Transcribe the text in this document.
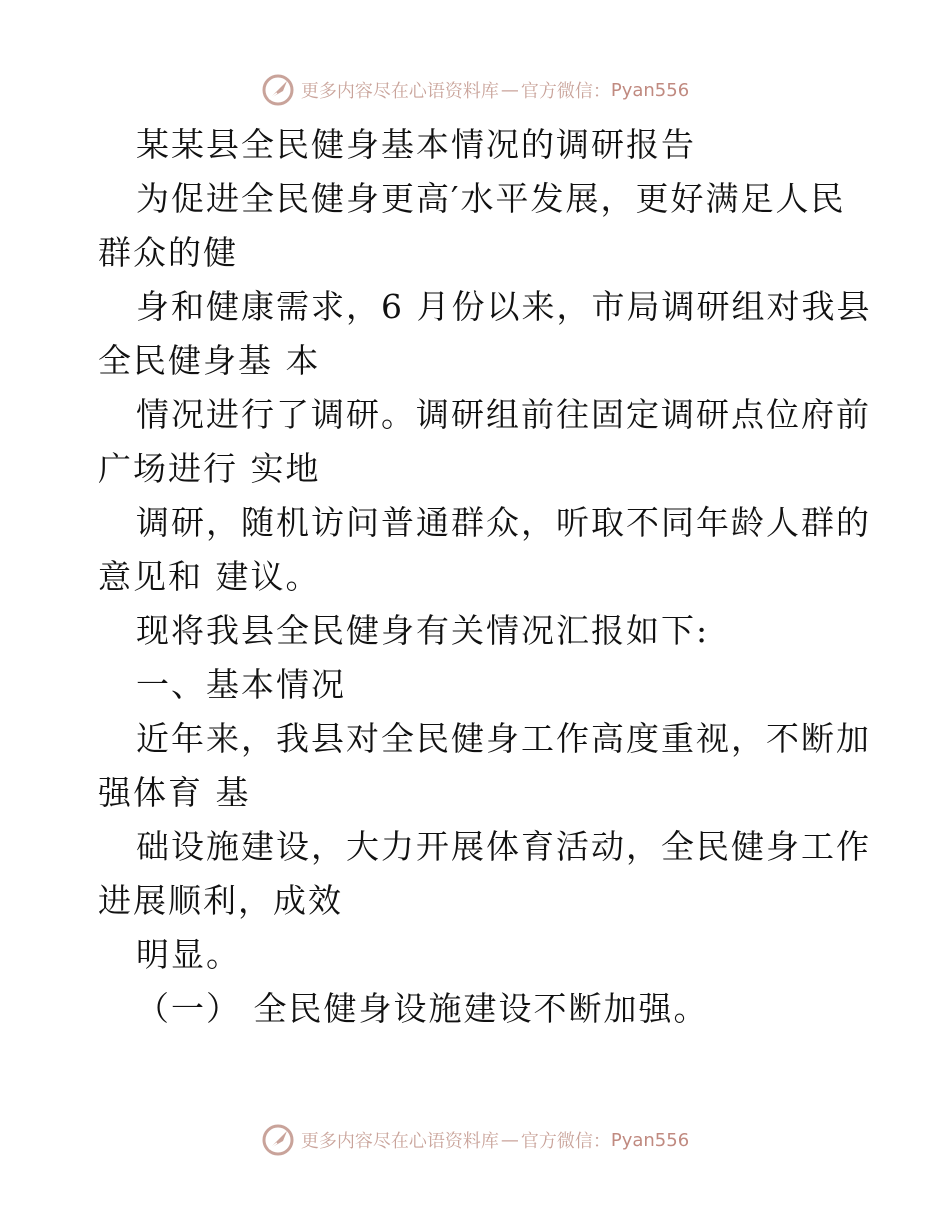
更多内容尽在心语资料库 — 官方微信： Pyan556
某某县全民健身基本情况的调研报告
为促进全民健身更高′水平发展，更好满足人民
群众的健
身和健康需求，6 月份以来，市局调研组对我县
全民健身基 本
情况进行了调研。调研组前往固定调研点位府前
广场进行 实地
调研，随机访问普通群众，听取不同年龄人群的
意见和 建议。
现将我县全民健身有关情况汇报如下:
一、基本情况
近年来，我县对全民健身工作高度重视，不断加
强体育 基
础设施建设，大力开展体育活动，全民健身工作
进展顺利，成效
明显。
（一） 全民健身设施建设不断加强。
更多内容尽在心语资料库 — 官方微信： Pyan556
